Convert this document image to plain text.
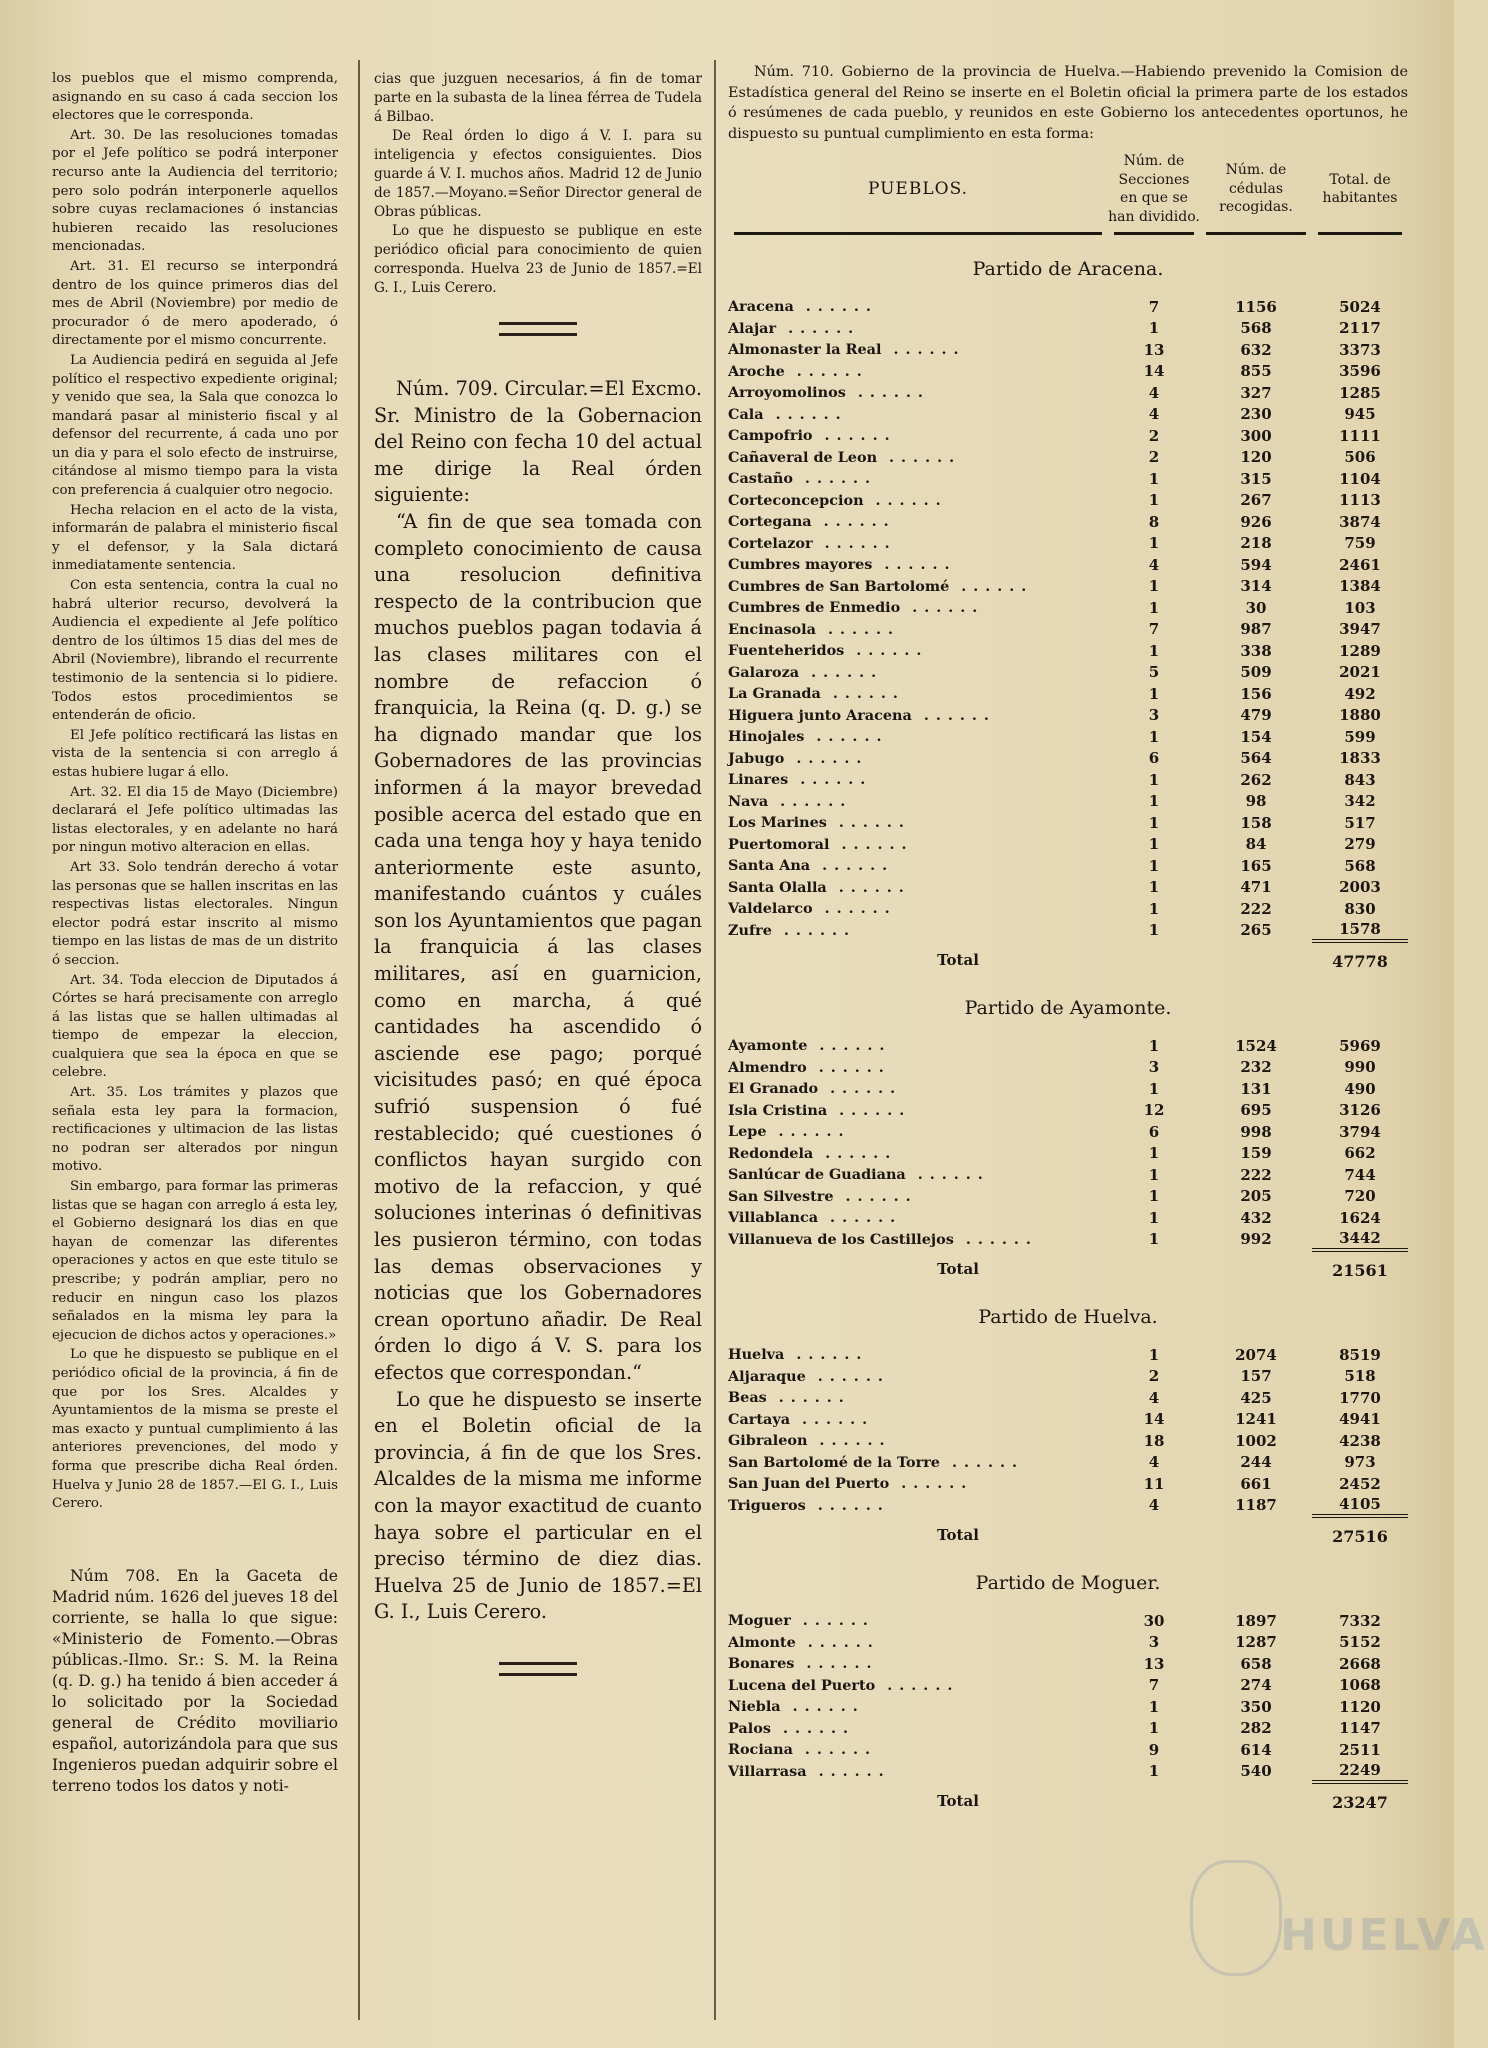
los pueblos que el mismo comprenda, asignando en su caso á cada seccion los electores que le corresponda.

Art. 30. De las resoluciones tomadas por el Jefe político se podrá interponer recurso ante la Audiencia del territorio; pero solo podrán interponerle aquellos sobre cuyas reclamaciones ó instancias hubieren recaido las resoluciones mencionadas.

Art. 31. El recurso se interpondrá dentro de los quince primeros dias del mes de Abril (Noviembre) por medio de procurador ó de mero apoderado, ó directamente por el mismo concurrente.

La Audiencia pedirá en seguida al Jefe político el respectivo expediente original; y venido que sea, la Sala que conozca lo mandará pasar al ministerio fiscal y al defensor del recurrente, á cada uno por un dia y para el solo efecto de instruirse, citándose al mismo tiempo para la vista con preferencia á cualquier otro negocio.

Hecha relacion en el acto de la vista, informarán de palabra el ministerio fiscal y el defensor, y la Sala dictará inmediatamente sentencia.

Con esta sentencia, contra la cual no habrá ulterior recurso, devolverá la Audiencia el expediente al Jefe político dentro de los últimos 15 dias del mes de Abril (Noviembre), librando el recurrente testimonio de la sentencia si lo pidiere. Todos estos procedimientos se entenderán de oficio.

El Jefe político rectificará las listas en vista de la sentencia si con arreglo á estas hubiere lugar á ello.

Art. 32. El dia 15 de Mayo (Diciembre) declarará el Jefe político ultimadas las listas electorales, y en adelante no hará por ningun motivo alteracion en ellas.

Art 33. Solo tendrán derecho á votar las personas que se hallen inscritas en las respectivas listas electorales. Ningun elector podrá estar inscrito al mismo tiempo en las listas de mas de un distrito ó seccion.

Art. 34. Toda eleccion de Diputados á Córtes se hará precisamente con arreglo á las listas que se hallen ultimadas al tiempo de empezar la eleccion, cualquiera que sea la época en que se celebre.

Art. 35. Los trámites y plazos que señala esta ley para la formacion, rectificaciones y ultimacion de las listas no podran ser alterados por ningun motivo.

Sin embargo, para formar las primeras listas que se hagan con arreglo á esta ley, el Gobierno designará los dias en que hayan de comenzar las diferentes operaciones y actos en que este titulo se prescribe; y podrán ampliar, pero no reducir en ningun caso los plazos señalados en la misma ley para la ejecucion de dichos actos y operaciones.»

Lo que he dispuesto se publique en el periódico oficial de la provincia, á fin de que por los Sres. Alcaldes y Ayuntamientos de la misma se preste el mas exacto y puntual cumplimiento á las anteriores prevenciones, del modo y forma que prescribe dicha Real órden. Huelva y Junio 28 de 1857.—El G. I., Luis Cerero.

Núm 708. En la Gaceta de Madrid núm. 1626 del jueves 18 del corriente, se halla lo que sigue: «Ministerio de Fomento.—Obras públicas.-Ilmo. Sr.: S. M. la Reina (q. D. g.) ha tenido á bien acceder á lo solicitado por la Sociedad general de Crédito moviliario español, autorizándola para que sus Ingenieros puedan adquirir sobre el terreno todos los datos y noti-

cias que juzguen necesarios, á fin de tomar parte en la subasta de la linea férrea de Tudela á Bilbao.

De Real órden lo digo á V. I. para su inteligencia y efectos consiguientes. Dios guarde á V. I. muchos años. Madrid 12 de Junio de 1857.—Moyano.=Señor Director general de Obras públicas.

Lo que he dispuesto se publique en este periódico oficial para conocimiento de quien corresponda. Huelva 23 de Junio de 1857.=El G. I., Luis Cerero.

Núm. 709. Circular.=El Excmo. Sr. Ministro de la Gobernacion del Reino con fecha 10 del actual me dirige la Real órden siguiente:

“A fin de que sea tomada con completo conocimiento de causa una resolucion definitiva respecto de la contribucion que muchos pueblos pagan todavia á las clases militares con el nombre de refaccion ó franquicia, la Reina (q. D. g.) se ha dignado mandar que los Gobernadores de las provincias informen á la mayor brevedad posible acerca del estado que en cada una tenga hoy y haya tenido anteriormente este asunto, manifestando cuántos y cuáles son los Ayuntamientos que pagan la franquicia á las clases militares, así en guarnicion, como en marcha, á qué cantidades ha ascendido ó asciende ese pago; porqué vicisitudes pasó; en qué época sufrió suspension ó fué restablecido; qué cuestiones ó conflictos hayan surgido con motivo de la refaccion, y qué soluciones interinas ó definitivas les pusieron término, con todas las demas observaciones y noticias que los Gobernadores crean oportuno añadir. De Real órden lo digo á V. S. para los efectos que correspondan.“

Lo que he dispuesto se inserte en el Boletin oficial de la provincia, á fin de que los Sres. Alcaldes de la misma me informe con la mayor exactitud de cuanto haya sobre el particular en el preciso término de diez dias. Huelva 25 de Junio de 1857.=El G. I., Luis Cerero.

Núm. 710. Gobierno de la provincia de Huelva.—Habiendo prevenido la Comision de Estadística general del Reino se inserte en el Boletin oficial la primera parte de los estados ó resúmenes de cada pueblo, y reunidos en este Gobierno los antecedentes oportunos, he dispuesto su puntual cumplimiento en esta forma:

PUEBLOS.	Núm. de Secciones en que se han dividido.	Núm. de cédulas recogidas.	Total. de habitantes

Partido de Aracena.			
Aracena ......	7	1156	5024
Alajar ......	1	568	2117
Almonaster la Real ......	13	632	3373
Aroche ......	14	855	3596
Arroyomolinos ......	4	327	1285
Cala ......	4	230	945
Campofrio ......	2	300	1111
Cañaveral de Leon ......	2	120	506
Castaño ......	1	315	1104
Corteconcepcion ......	1	267	1113
Cortegana ......	8	926	3874
Cortelazor ......	1	218	759
Cumbres mayores ......	4	594	2461
Cumbres de San Bartolomé ......	1	314	1384
Cumbres de Enmedio ......	1	30	103
Encinasola ......	7	987	3947
Fuenteheridos ......	1	338	1289
Galaroza ......	5	509	2021
La Granada ......	1	156	492
Higuera junto Aracena ......	3	479	1880
Hinojales ......	1	154	599
Jabugo ......	6	564	1833
Linares ......	1	262	843
Nava ......	1	98	342
Los Marines ......	1	158	517
Puertomoral ......	1	84	279
Santa Ana ......	1	165	568
Santa Olalla ......	1	471	2003
Valdelarco ......	1	222	830
Zufre ......	1	265	1578
Total			47778
Partido de Ayamonte.			
Ayamonte ......	1	1524	5969
Almendro ......	3	232	990
El Granado ......	1	131	490
Isla Cristina ......	12	695	3126
Lepe ......	6	998	3794
Redondela ......	1	159	662
Sanlúcar de Guadiana ......	1	222	744
San Silvestre ......	1	205	720
Villablanca ......	1	432	1624
Villanueva de los Castillejos ......	1	992	3442
Total			21561
Partido de Huelva.			
Huelva ......	1	2074	8519
Aljaraque ......	2	157	518
Beas ......	4	425	1770
Cartaya ......	14	1241	4941
Gibraleon ......	18	1002	4238
San Bartolomé de la Torre ......	4	244	973
San Juan del Puerto ......	11	661	2452
Trigueros ......	4	1187	4105
Total			27516
Partido de Moguer.			
Moguer ......	30	1897	7332
Almonte ......	3	1287	5152
Bonares ......	13	658	2668
Lucena del Puerto ......	7	274	1068
Niebla ......	1	350	1120
Palos ......	1	282	1147
Rociana ......	9	614	2511
Villarrasa ......	1	540	2249
Total			23247
HUELVA
